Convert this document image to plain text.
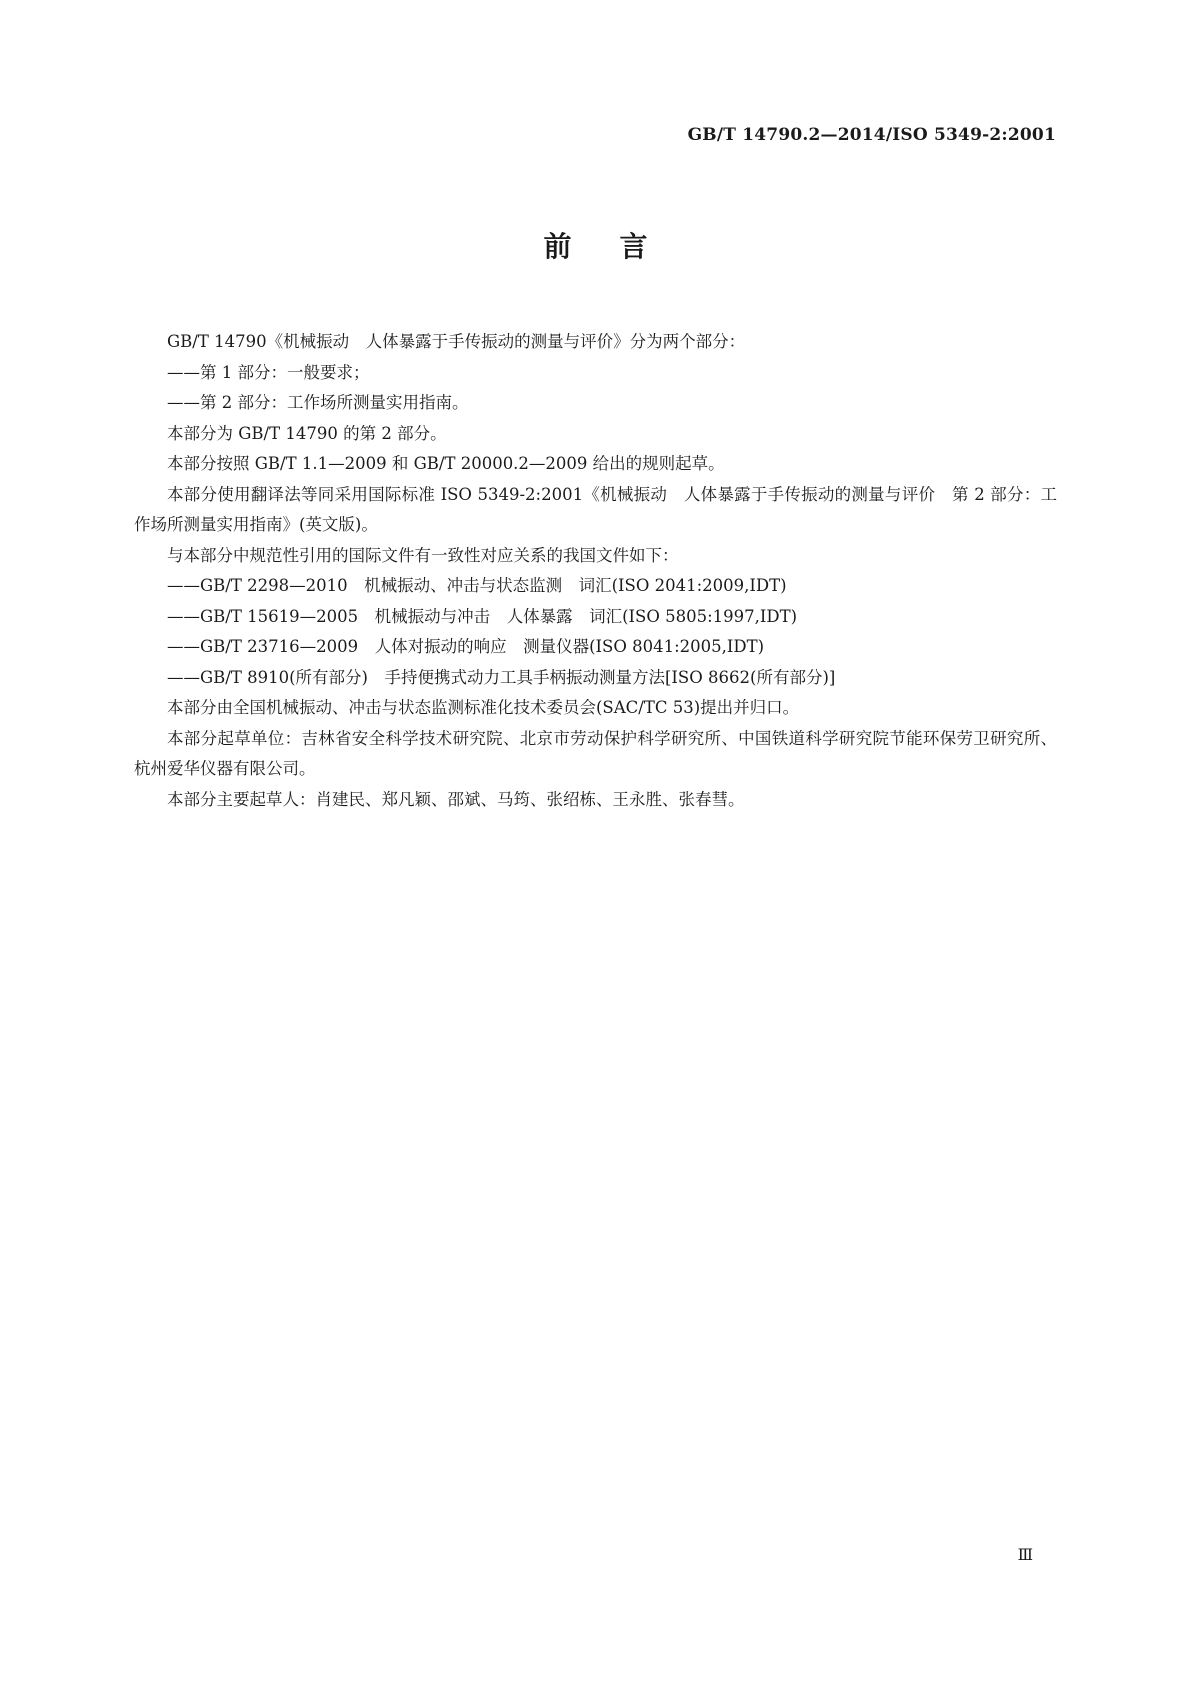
GB/T 14790.2—2014/ISO 5349-2:2001
前言

GB/T 14790《机械振动　人体暴露于手传振动的测量与评价》分为两个部分：

——第 1 部分：一般要求；

——第 2 部分：工作场所测量实用指南。

本部分为 GB/T 14790 的第 2 部分。

本部分按照 GB/T 1.1—2009 和 GB/T 20000.2—2009 给出的规则起草。

本部分使用翻译法等同采用国际标准 ISO 5349-2:2001《机械振动　人体暴露于手传振动的测量与评价　第 2 部分：工作场所测量实用指南》(英文版)。

与本部分中规范性引用的国际文件有一致性对应关系的我国文件如下：

——GB/T 2298—2010　机械振动、冲击与状态监测　词汇(ISO 2041:2009,IDT)

——GB/T 15619—2005　机械振动与冲击　人体暴露　词汇(ISO 5805:1997,IDT)

——GB/T 23716—2009　人体对振动的响应　测量仪器(ISO 8041:2005,IDT)

——GB/T 8910(所有部分)　手持便携式动力工具手柄振动测量方法[ISO 8662(所有部分)]

本部分由全国机械振动、冲击与状态监测标准化技术委员会(SAC/TC 53)提出并归口。

本部分起草单位：吉林省安全科学技术研究院、北京市劳动保护科学研究所、中国铁道科学研究院节能环保劳卫研究所、杭州爱华仪器有限公司。

本部分主要起草人：肖建民、郑凡颖、邵斌、马筠、张绍栋、王永胜、张春彗。

Ⅲ
